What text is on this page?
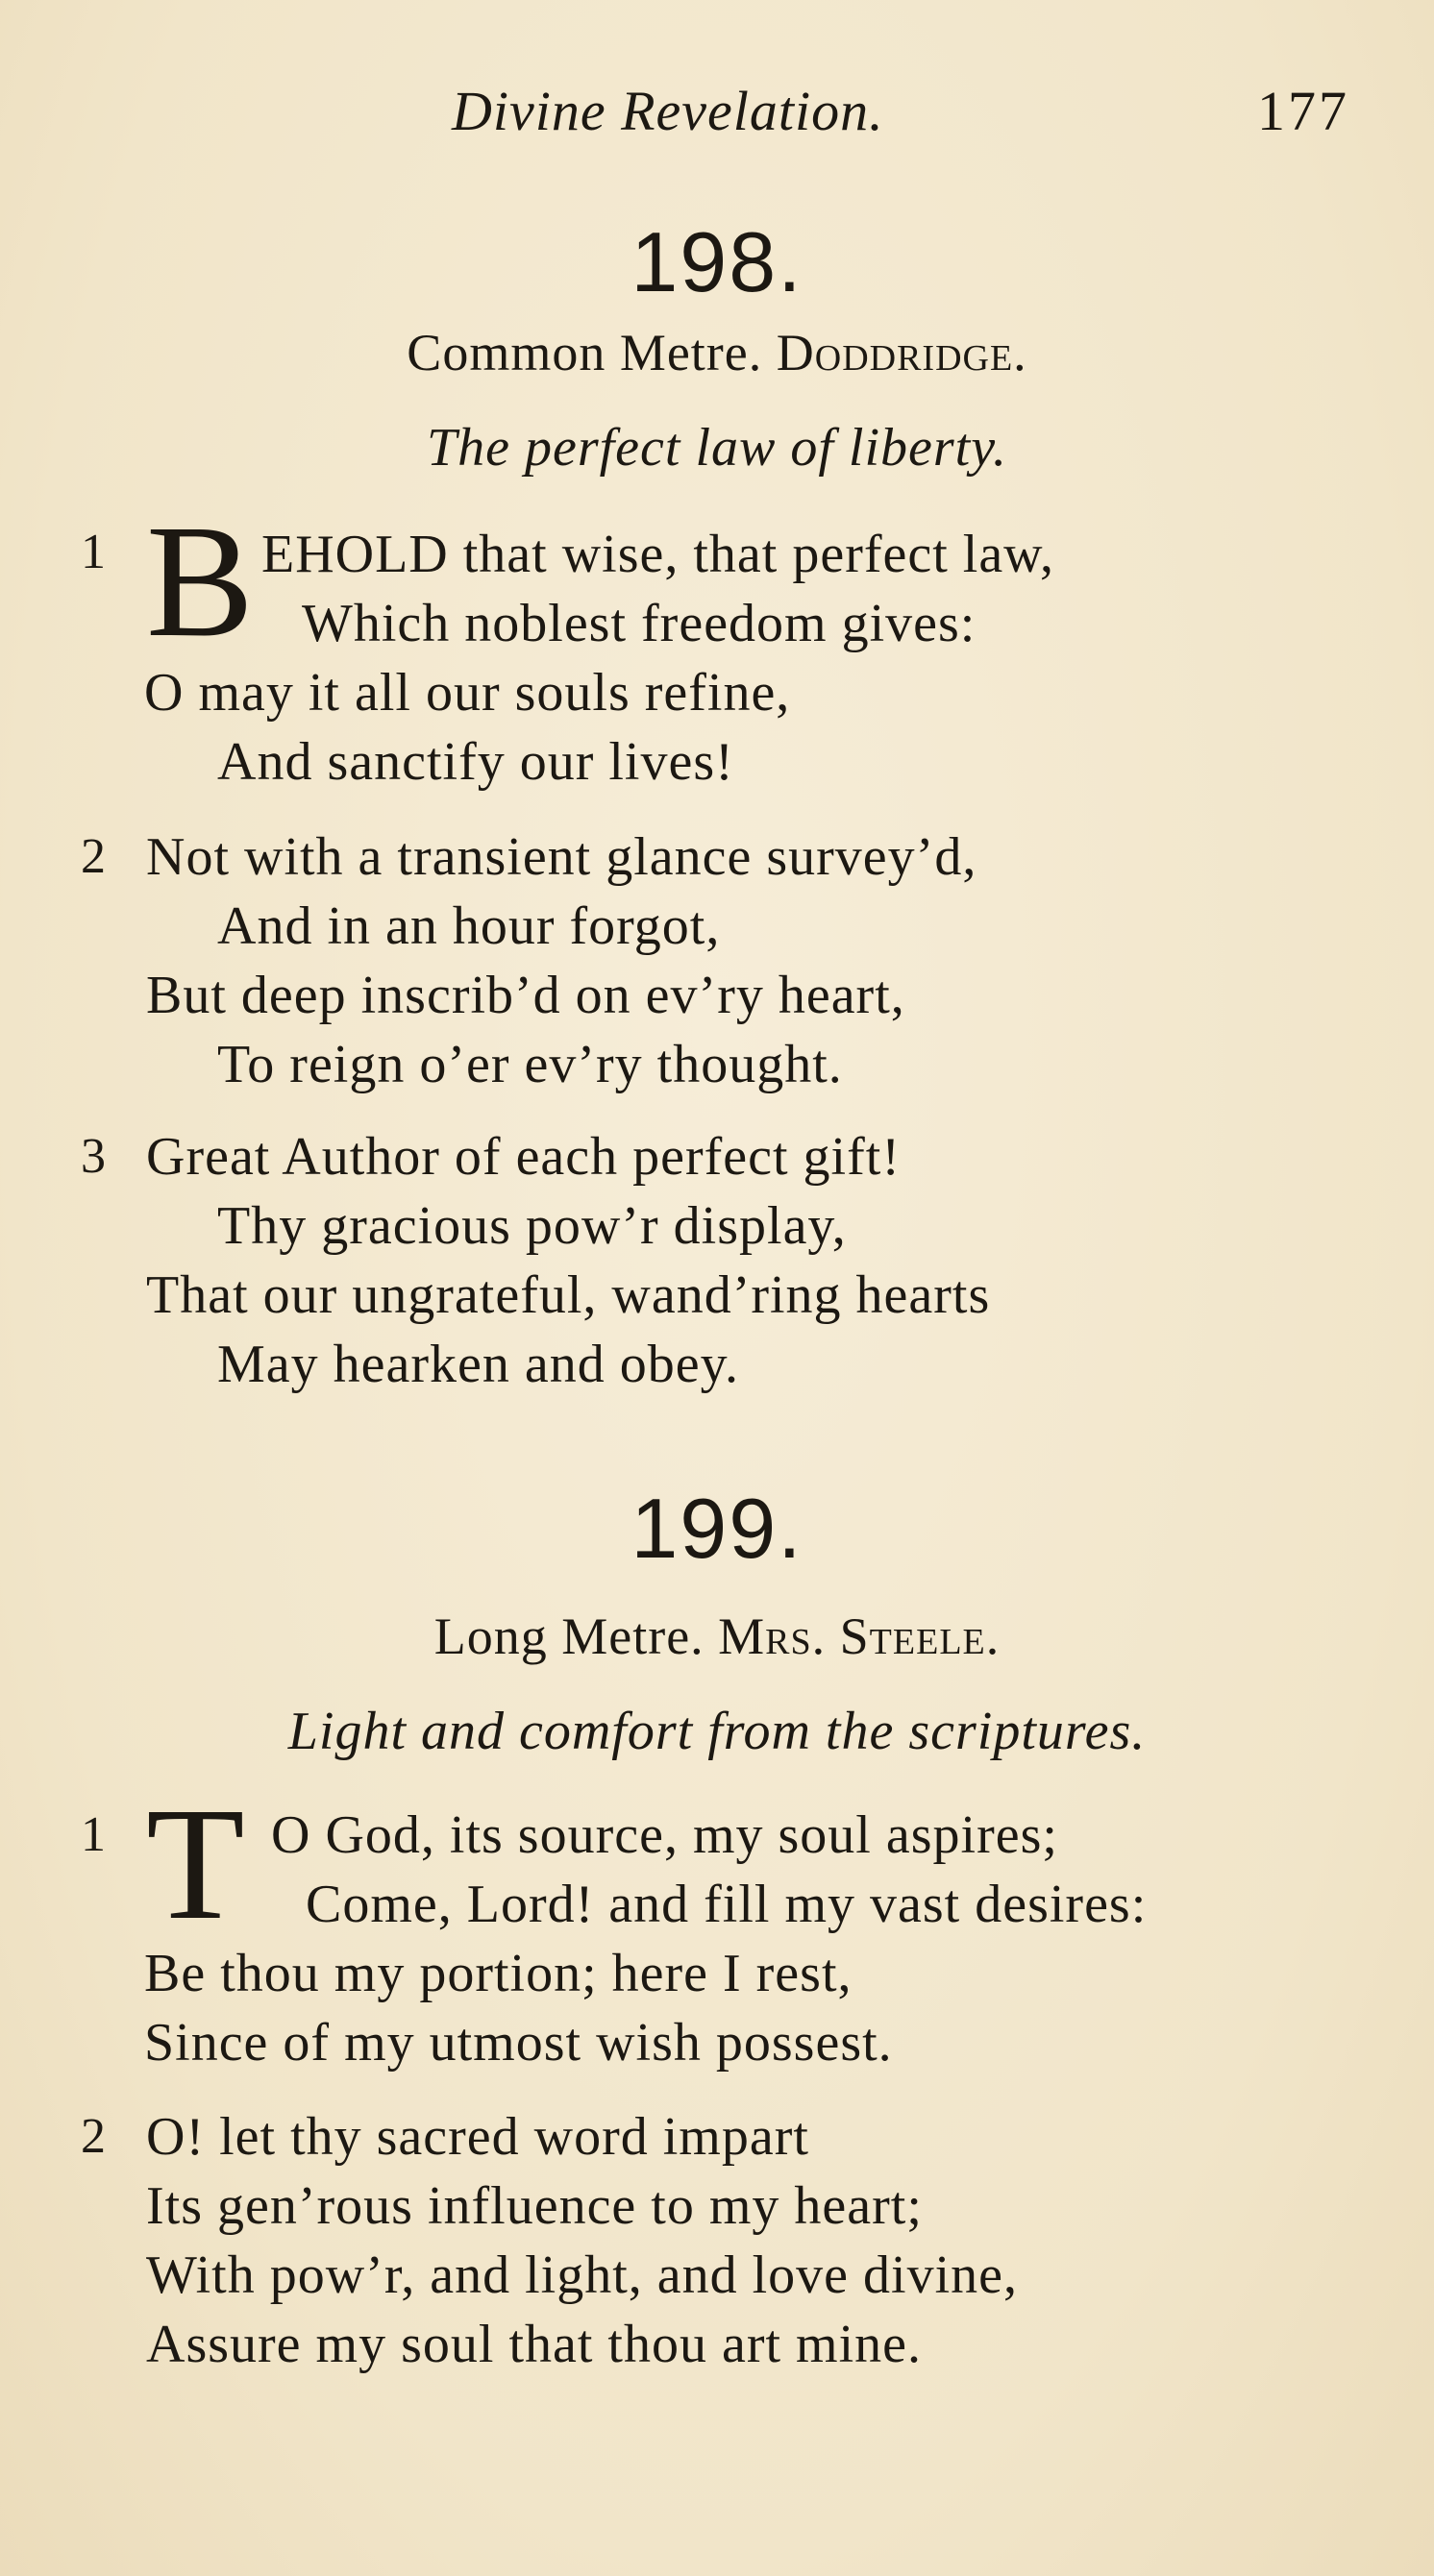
Divine Revelation.	177
198.
Common Metre. Doddridge.
The perfect law of liberty.
1 B EHOLD that wise, that perfect law,
Which noblest freedom gives:
O may it all our souls refine,
And sanctify our lives!
2 Not with a transient glance survey’d,
And in an hour forgot,
But deep inscrib’d on ev’ry heart,
To reign o’er ev’ry thought.
3 Great Author of each perfect gift!
Thy gracious pow’r display,
That our ungrateful, wand’ring hearts
May hearken and obey.
199.
Long Metre. Mrs. Steele.
Light and comfort from the scriptures.
1 T O God, its source, my soul aspires;
Come, Lord! and fill my vast desires:
Be thou my portion; here I rest,
Since of my utmost wish possest.
2 O! let thy sacred word impart
Its gen’rous influence to my heart;
With pow’r, and light, and love divine,
Assure my soul that thou art mine.
